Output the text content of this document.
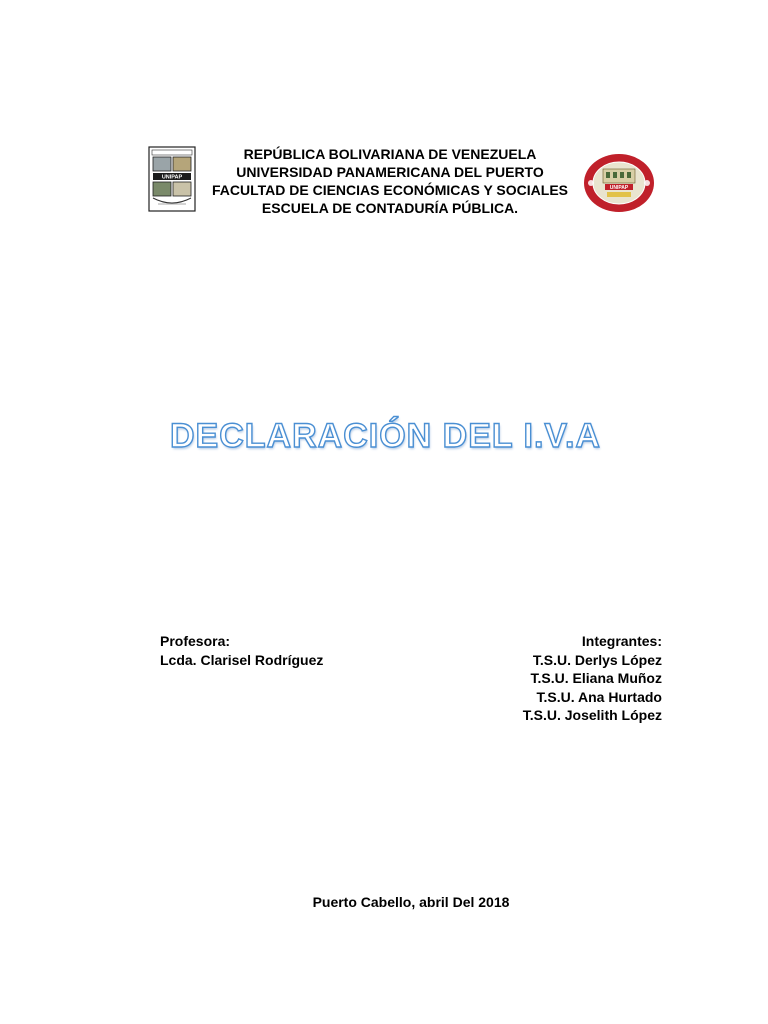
UNIPAP
REPÚBLICA BOLIVARIANA DE VENEZUELA
UNIVERSIDAD PANAMERICANA DEL PUERTO
FACULTAD DE CIENCIAS ECONÓMICAS Y SOCIALES
ESCUELA DE CONTADURÍA PÚBLICA.
UNIPAP
DECLARACIÓN DEL I.V.A
Profesora:
Lcda. Clarisel Rodríguez
Integrantes:
T.S.U. Derlys López
T.S.U. Eliana Muñoz
T.S.U. Ana Hurtado
T.S.U. Joselith López
Puerto Cabello, abril Del 2018
